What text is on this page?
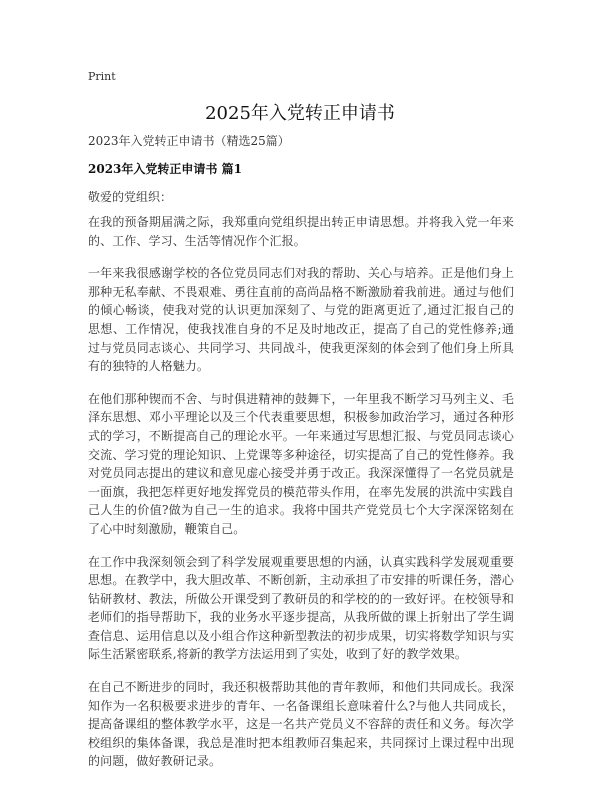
Print
2025年入党转正申请书
2023年入党转正申请书（精选25篇）
2023年入党转正申请书 篇1
敬爱的党组织：

在我的预备期届满之际，我郑重向党组织提出转正申请思想。并将我入党一年来的、工作、学习、生活等情况作个汇报。

一年来我很感谢学校的各位党员同志们对我的帮助、关心与培养。正是他们身上那种无私奉献、不畏艰难、勇往直前的高尚品格不断激励着我前进。通过与他们的倾心畅谈，使我对党的认识更加深刻了、与党的距离更近了,通过汇报自己的思想、工作情况，使我找准自身的不足及时地改正，提高了自己的党性修养;通过与党员同志谈心、共同学习、共同战斗，使我更深刻的体会到了他们身上所具有的独特的人格魅力。

在他们那种锲而不舍、与时俱进精神的鼓舞下，一年里我不断学习马列主义、毛泽东思想、邓小平理论以及三个代表重要思想，积极参加政治学习，通过各种形式的学习，不断提高自己的理论水平。一年来通过写思想汇报、与党员同志谈心交流、学习党的理论知识、上党课等多种途径，切实提高了自己的党性修养。我对党员同志提出的建议和意见虚心接受并勇于改正。我深深懂得了一名党员就是一面旗，我把怎样更好地发挥党员的模范带头作用，在率先发展的洪流中实践自己人生的价值?做为自己一生的追求。我将中国共产党党员七个大字深深铭刻在了心中时刻激励，鞭策自己。

在工作中我深刻领会到了科学发展观重要思想的内涵，认真实践科学发展观重要思想。在教学中，我大胆改革、不断创新，主动承担了市安排的听课任务，潜心钻研教材、教法，所做公开课受到了教研员的和学校的的一致好评。在校领导和老师们的指导帮助下，我的业务水平逐步提高，从我所做的课上折射出了学生调查信息、运用信息以及小组合作这种新型教法的初步成果，切实将数学知识与实际生活紧密联系,将新的教学方法运用到了实处，收到了好的教学效果。

在自己不断进步的同时，我还积极帮助其他的青年教师，和他们共同成长。我深知作为一名积极要求进步的青年、一名备课组长意味着什么?与他人共同成长，提高备课组的整体教学水平，这是一名共产党员义不容辞的责任和义务。每次学校组织的集体备课，我总是准时把本组教师召集起来，共同探讨上课过程中出现的问题，做好教研记录。
